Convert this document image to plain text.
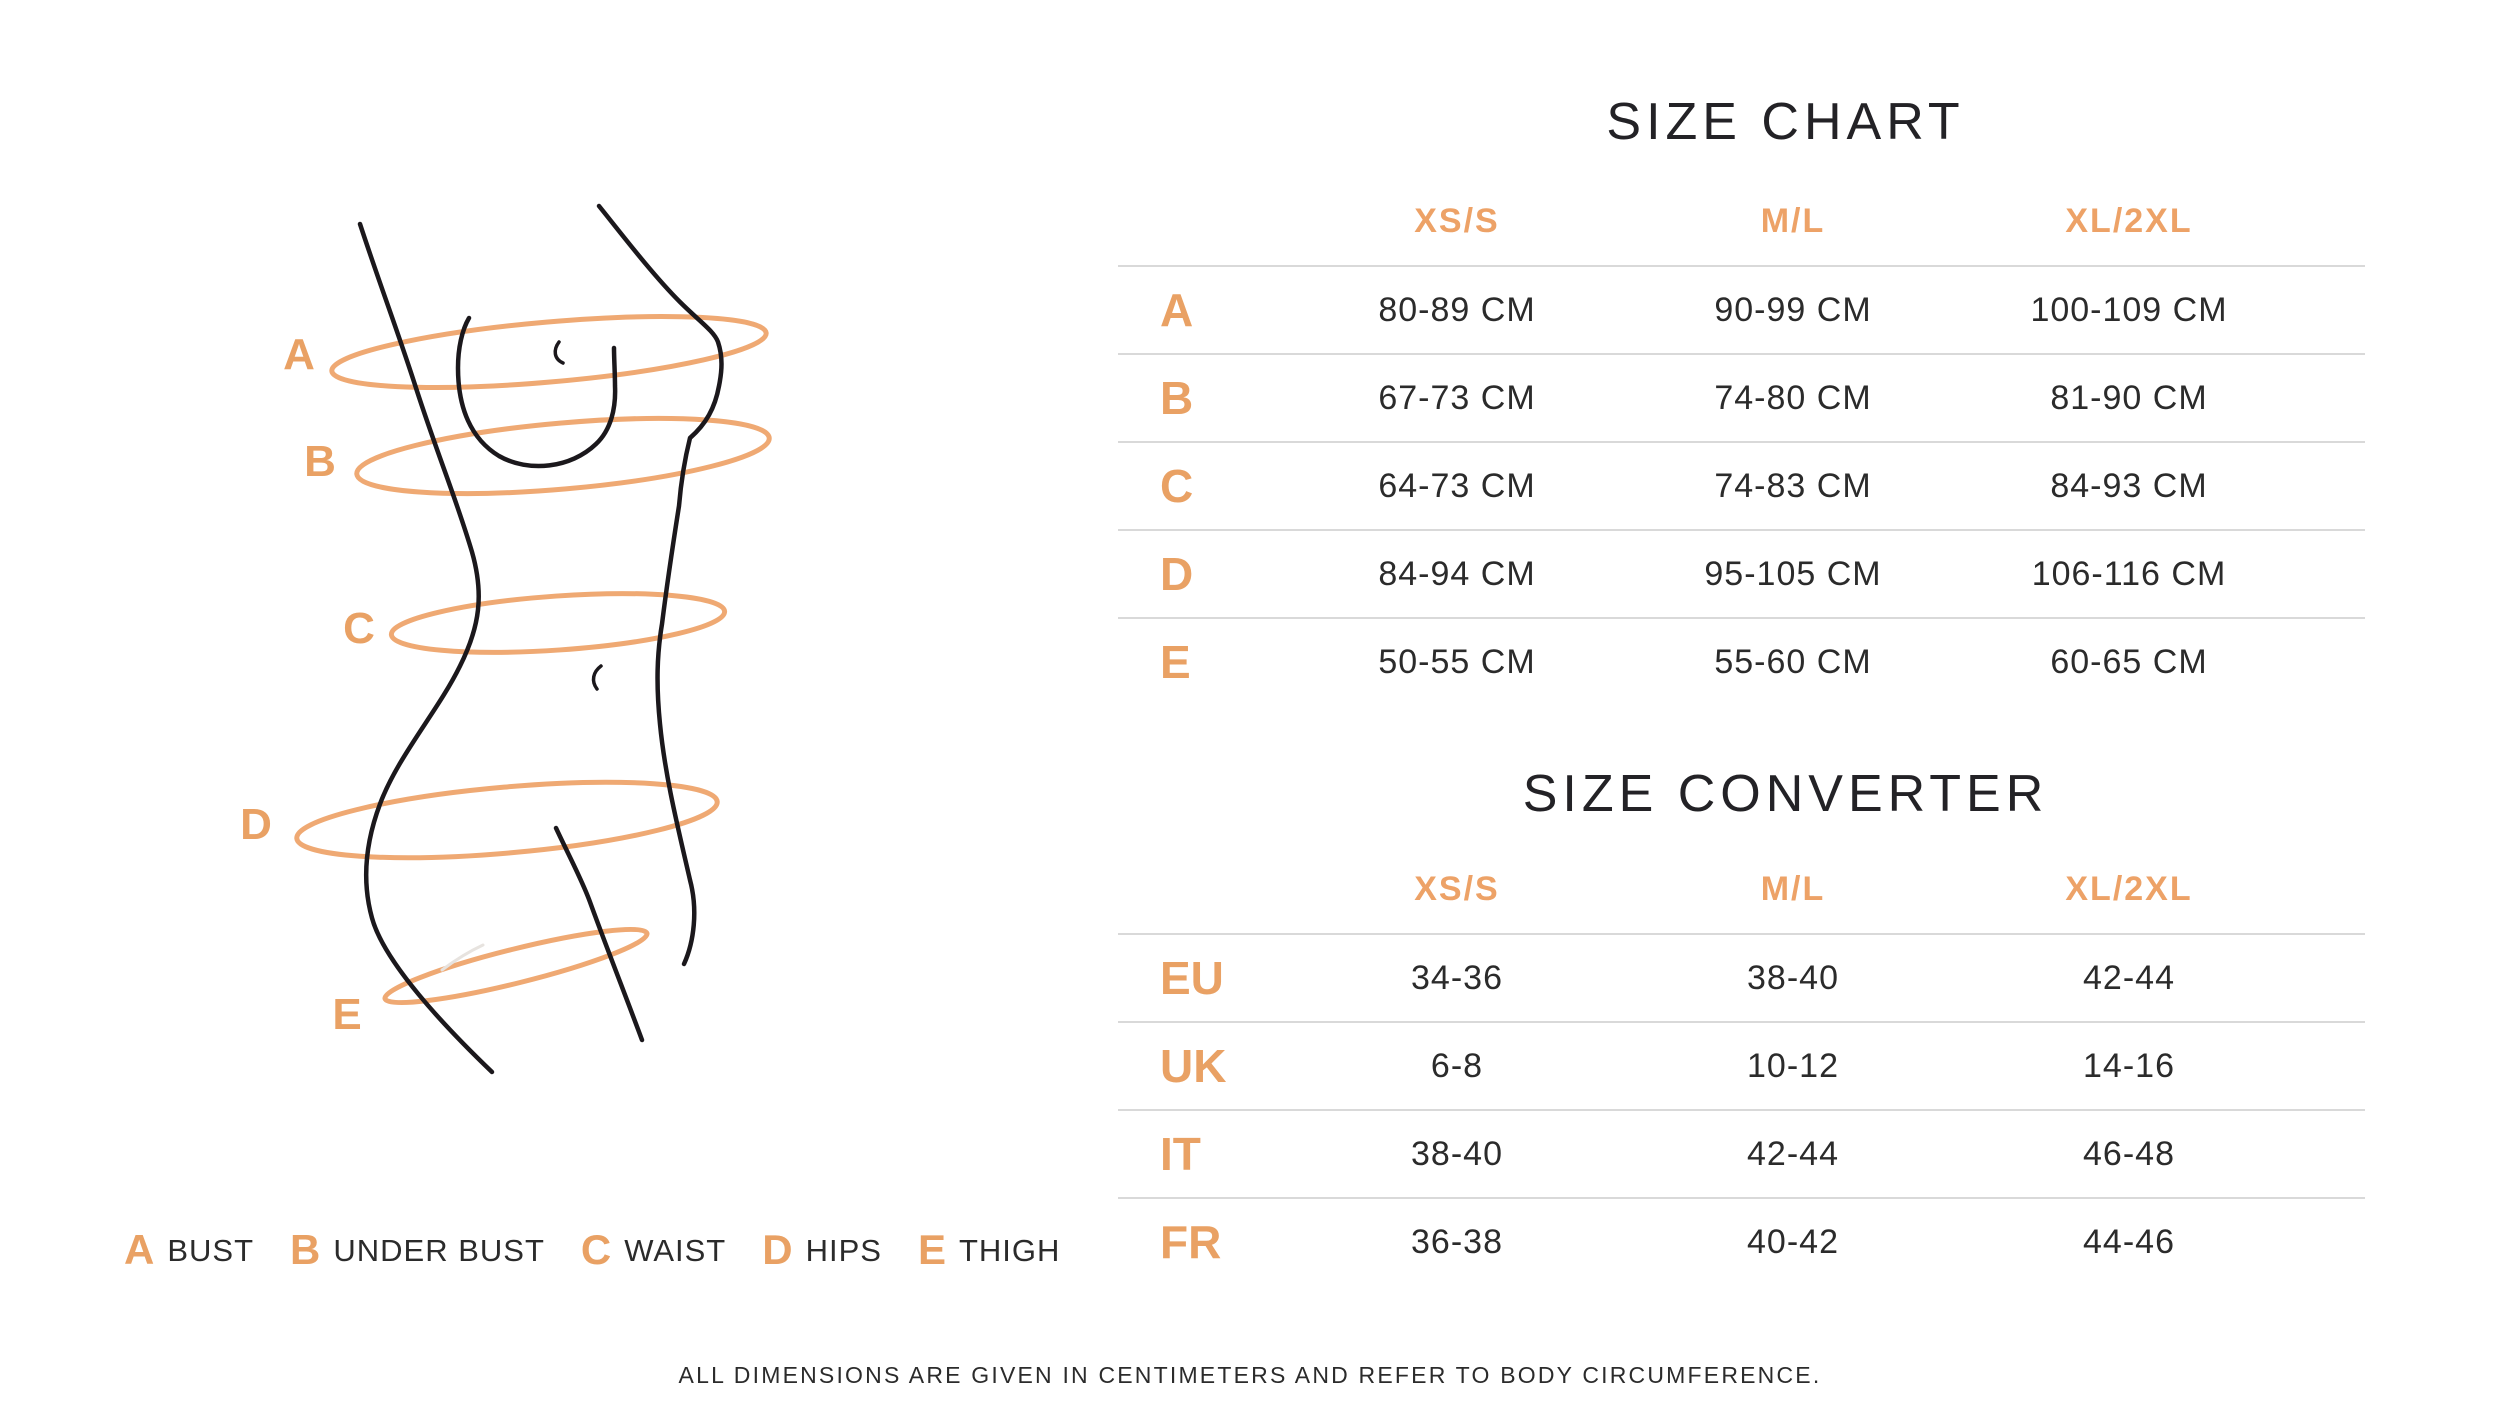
A
B
C
D
E
A BUST B UNDER BUST C WAIST D HIPS E THIGH
SIZE CHART
XS/S	M/L	XL/2XL
A	80-89 CM	90-99 CM	100-109 CM
B	67-73 CM	74-80 CM	81-90 CM
C	64-73 CM	74-83 CM	84-93 CM
D	84-94 CM	95-105 CM	106-116 CM
E	50-55 CM	55-60 CM	60-65 CM
SIZE CONVERTER
XS/S	M/L	XL/2XL
EU	34-36	38-40	42-44
UK	6-8	10-12	14-16
IT	38-40	42-44	46-48
FR	36-38	40-42	44-46
ALL DIMENSIONS ARE GIVEN IN CENTIMETERS AND REFER TO BODY CIRCUMFERENCE.
